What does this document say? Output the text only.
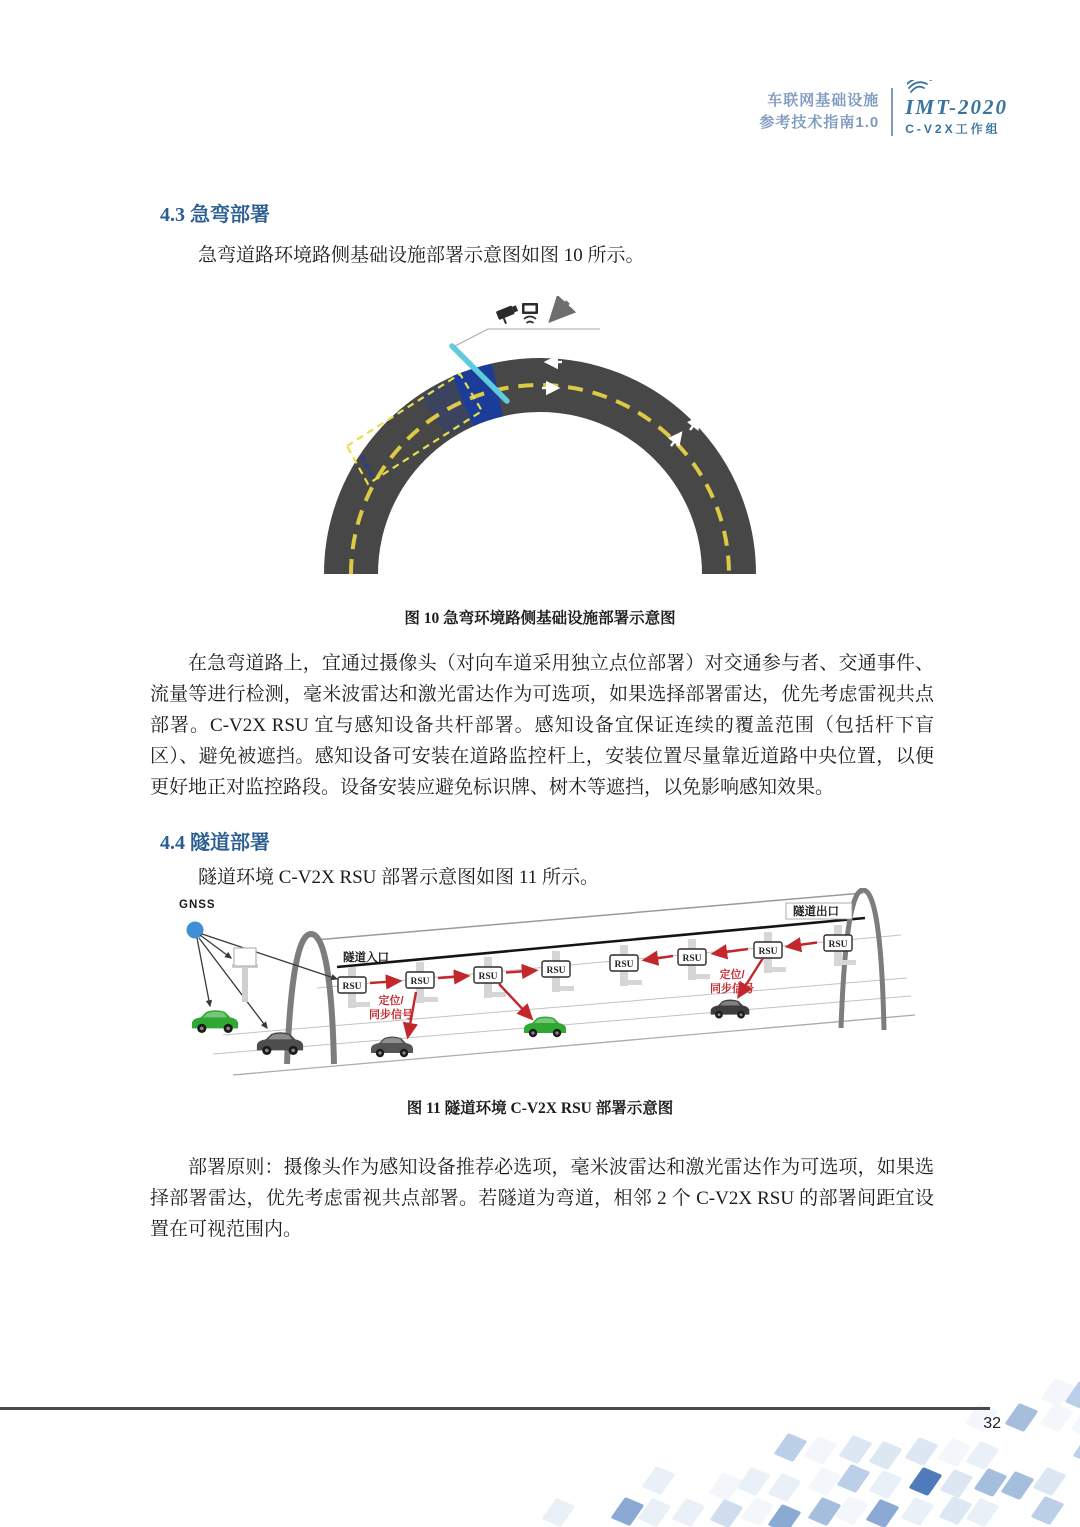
车联网基础设施
参考技术指南1.0
IMT-2020
C-V2X工作组
4.3 急弯部署
急弯道路环境路侧基础设施部署示意图如图 10 所示。
图 10 急弯环境路侧基础设施部署示意图
在急弯道路上，宜通过摄像头（对向车道采用独立点位部署）对交通参与者、交通事件、流量等进行检测，毫米波雷达和激光雷达作为可选项，如果选择部署雷达，优先考虑雷视共点部署。C-V2X RSU 宜与感知设备共杆部署。感知设备宜保证连续的覆盖范围（包括杆下盲区）、避免被遮挡。感知设备可安装在道路监控杆上，安装位置尽量靠近道路中央位置，以便更好地正对监控路段。设备安装应避免标识牌、树木等遮挡，以免影响感知效果。
4.4 隧道部署
隧道环境 C-V2X RSU 部署示意图如图 11 所示。
隧道入口
隧道出口
GNSS
RSU	RSU	RSU
RSU
RSU
RSU
RSU
RSU
定位/
同步信号
定位/
同步信号
图 11 隧道环境 C-V2X RSU 部署示意图
部署原则：摄像头作为感知设备推荐必选项，毫米波雷达和激光雷达作为可选项，如果选择部署雷达，优先考虑雷视共点部署。若隧道为弯道，相邻 2 个 C-V2X RSU 的部署间距宜设置在可视范围内。
32
